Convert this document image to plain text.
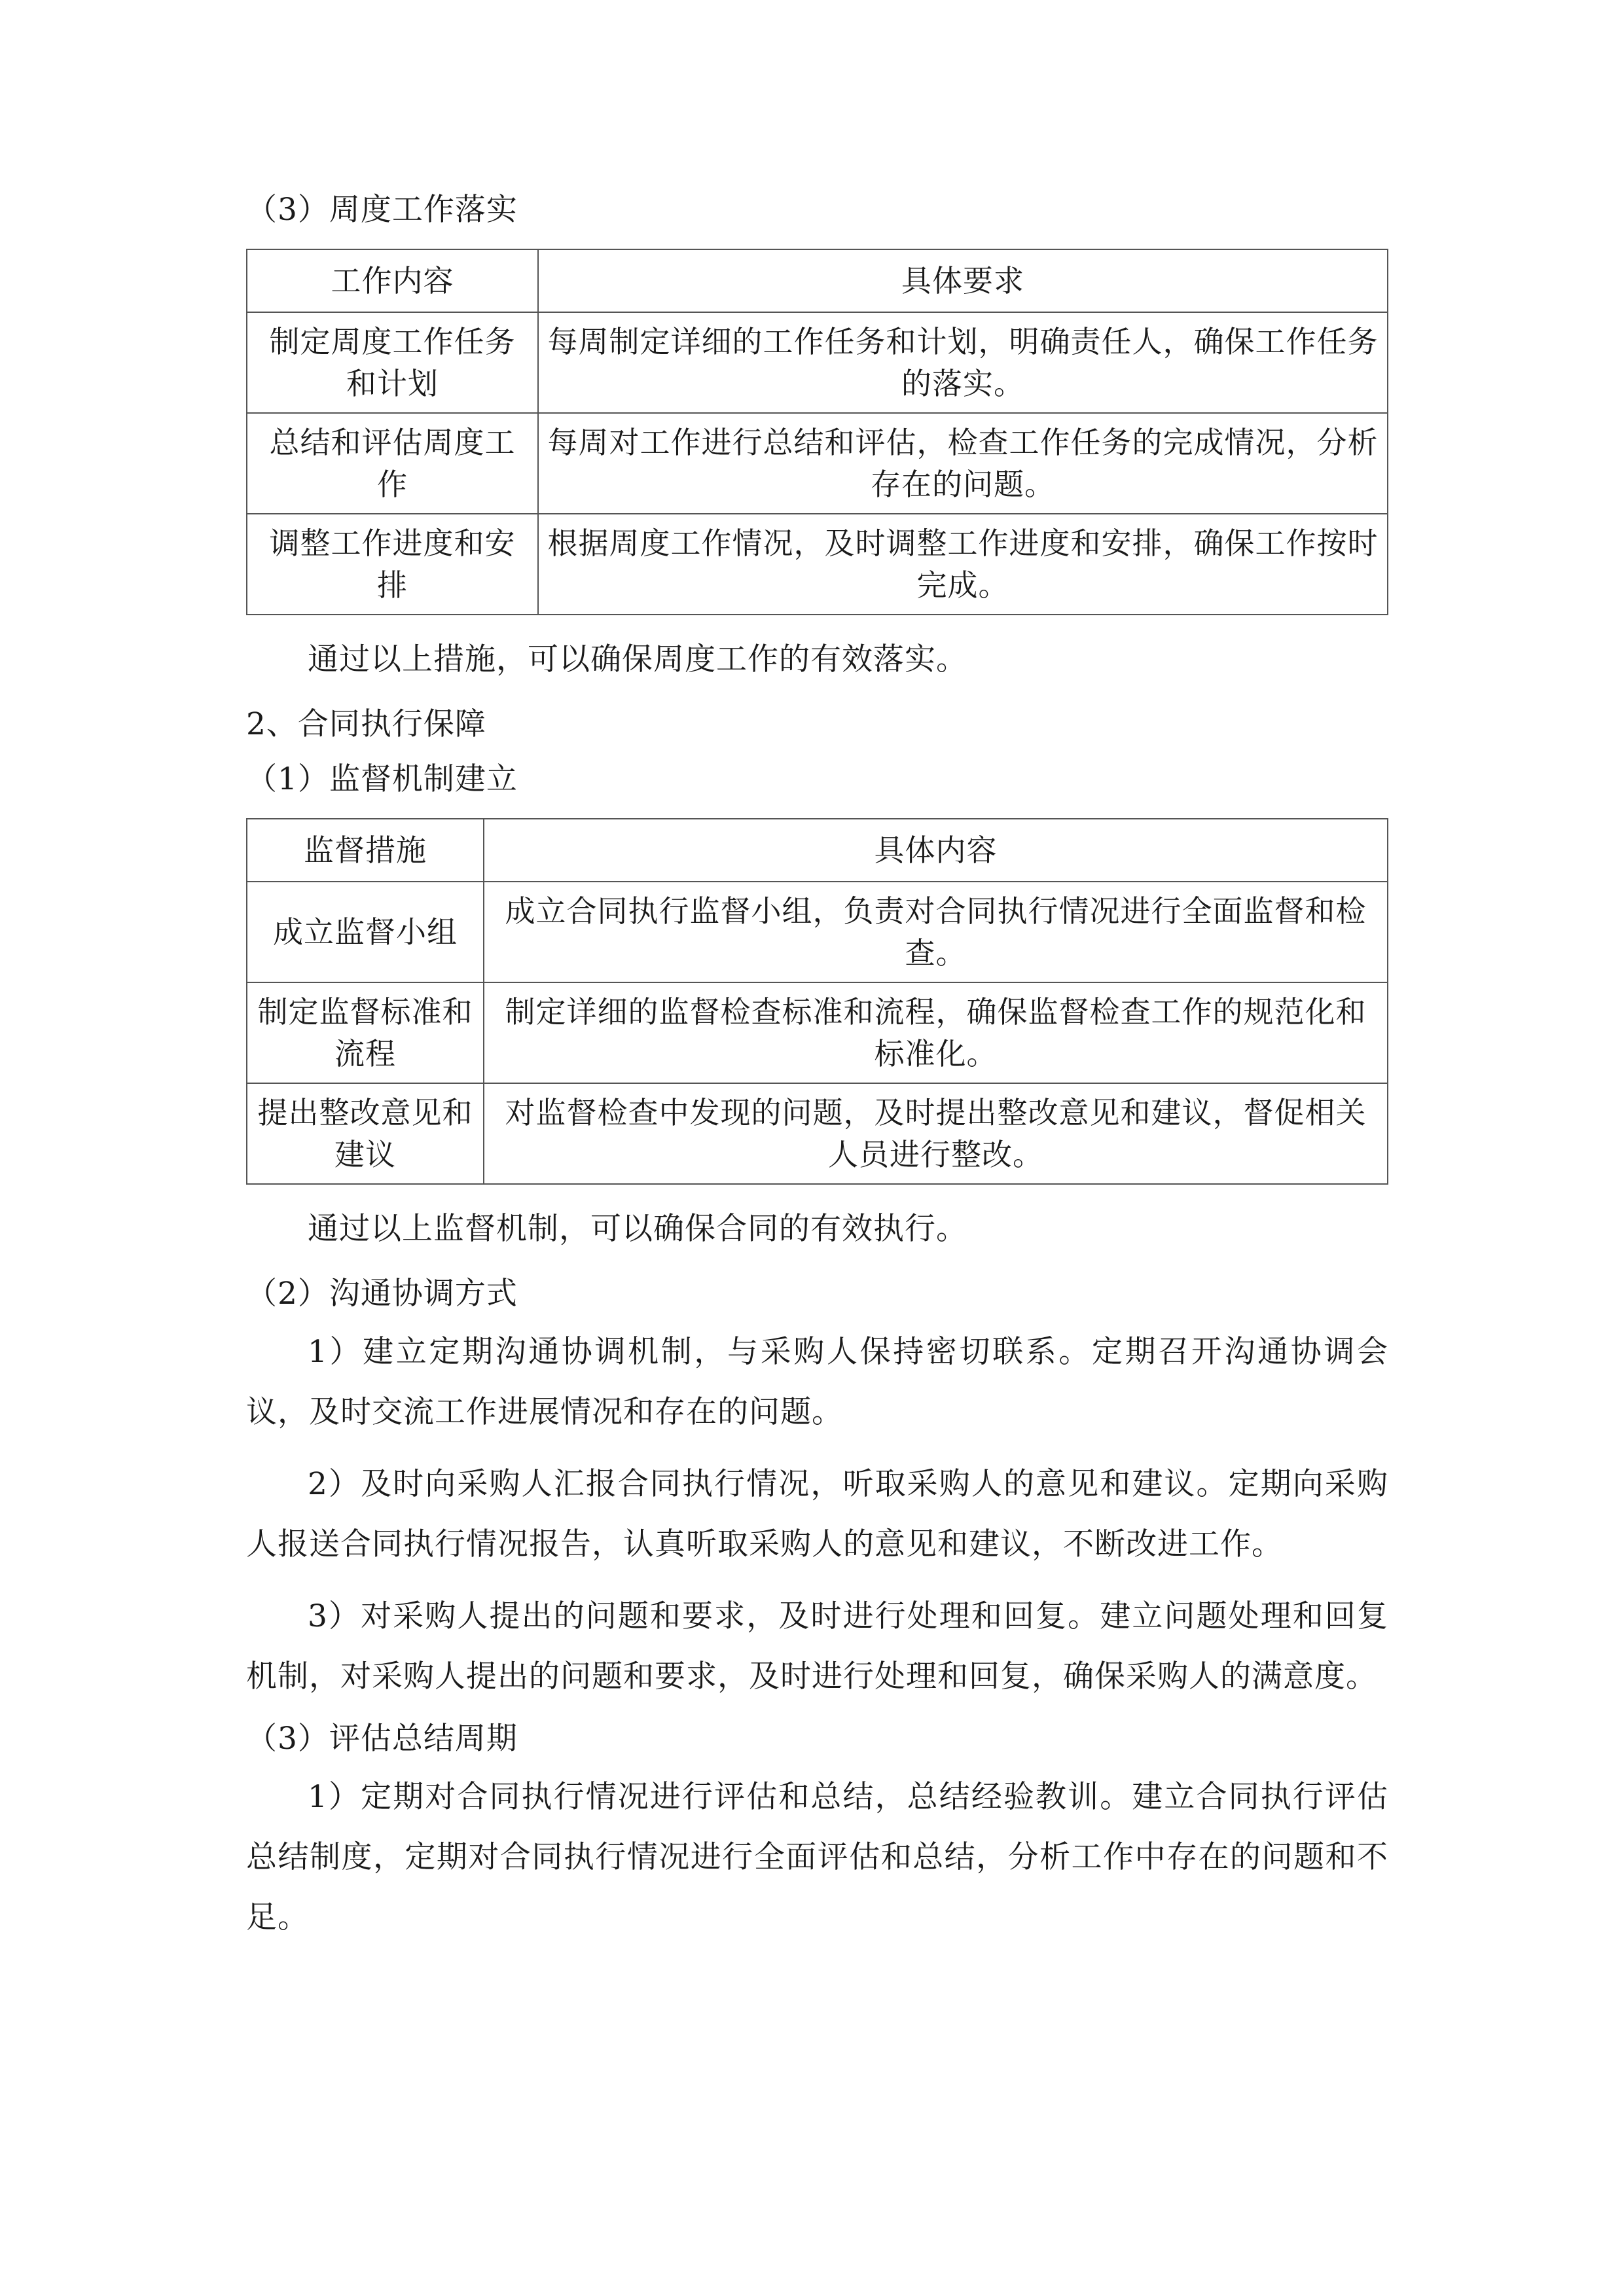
（3）周度工作落实

工作内容	具体要求
制定周度工作任务和计划	每周制定详细的工作任务和计划，明确责任人，确保工作任务的落实。
总结和评估周度工作	每周对工作进行总结和评估，检查工作任务的完成情况，分析存在的问题。
调整工作进度和安排	根据周度工作情况，及时调整工作进度和安排，确保工作按时完成。

通过以上措施，可以确保周度工作的有效落实。

2、合同执行保障

（1）监督机制建立

监督措施	具体内容
成立监督小组	成立合同执行监督小组，负责对合同执行情况进行全面监督和检查。
制定监督标准和流程	制定详细的监督检查标准和流程，确保监督检查工作的规范化和标准化。
提出整改意见和建议	对监督检查中发现的问题，及时提出整改意见和建议，督促相关人员进行整改。

通过以上监督机制，可以确保合同的有效执行。

（2）沟通协调方式

1）建立定期沟通协调机制，与采购人保持密切联系。定期召开沟通协调会议，及时交流工作进展情况和存在的问题。

2）及时向采购人汇报合同执行情况，听取采购人的意见和建议。定期向采购人报送合同执行情况报告，认真听取采购人的意见和建议，不断改进工作。

3）对采购人提出的问题和要求，及时进行处理和回复。建立问题处理和回复机制，对采购人提出的问题和要求，及时进行处理和回复，确保采购人的满意度。

（3）评估总结周期

1）定期对合同执行情况进行评估和总结，总结经验教训。建立合同执行评估总结制度，定期对合同执行情况进行全面评估和总结，分析工作中存在的问题和不足。
